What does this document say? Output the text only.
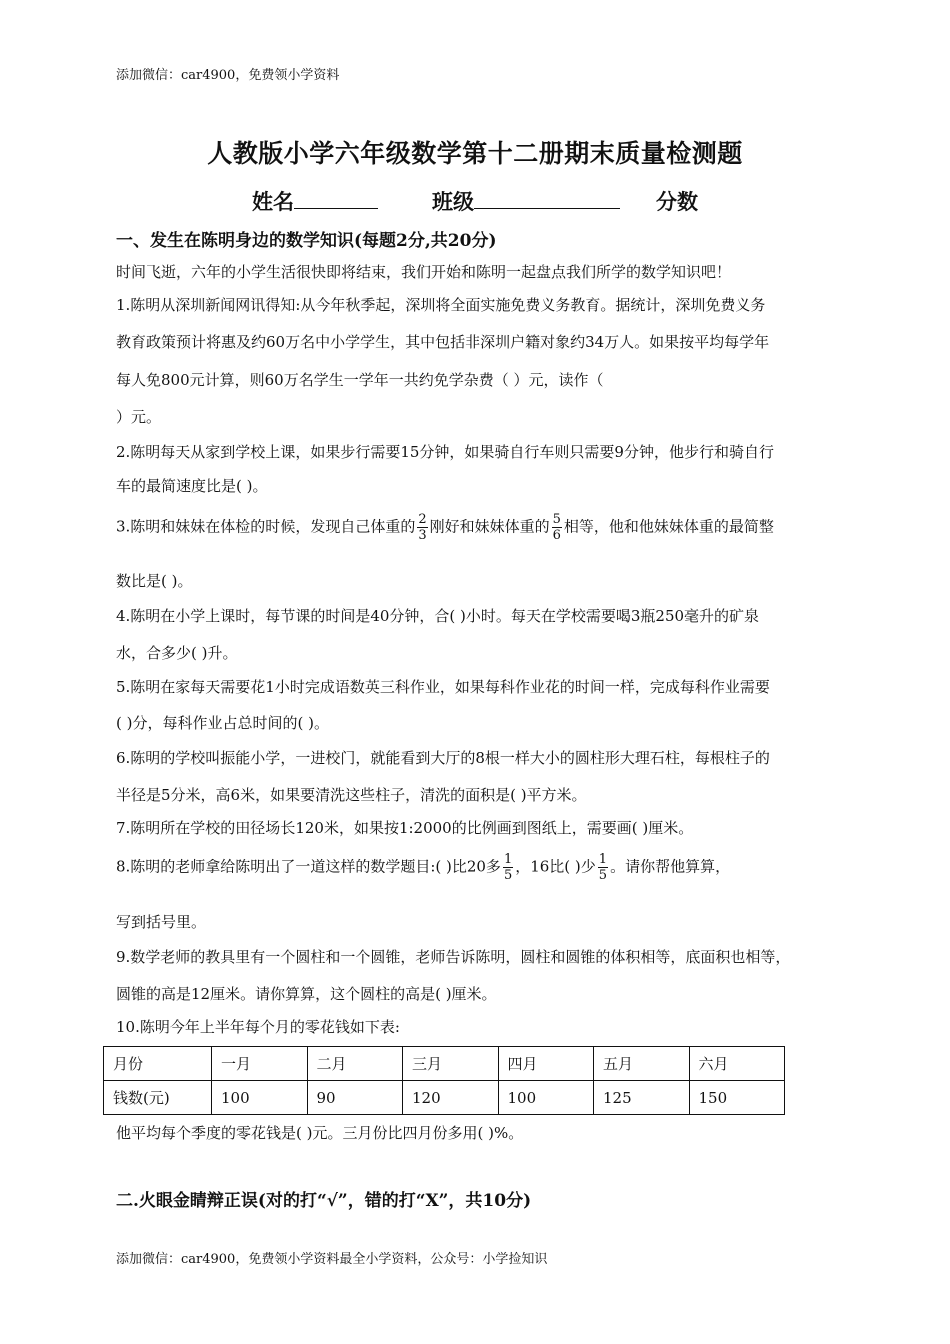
添加微信：car4900，免费领小学资料
人教版小学六年级数学第十二册期末质量检测题
姓名	班级	分数
一、发生在陈明身边的数学知识(每题2分,共20分)
时间飞逝，六年的小学生活很快即将结束，我们开始和陈明一起盘点我们所学的数学知识吧！
1.陈明从深圳新闻网讯得知:从今年秋季起，深圳将全面实施免费义务教育。据统计，深圳免费义务
教育政策预计将惠及约60万名中小学学生，其中包括非深圳户籍对象约34万人。如果按平均每学年
每人免800元计算，则60万名学生一学年一共约免学杂费（ ）元，读作（
）元。
2.陈明每天从家到学校上课，如果步行需要15分钟，如果骑自行车则只需要9分钟，他步行和骑自行
车的最简速度比是( )。
3.陈明和妹妹在体检的时候，发现自己体重的 $\frac{2}{3}$ 刚好和妹妹体重的 $\frac{5}{6}$ 相等，他和他妹妹体重的最简整
数比是( )。
4.陈明在小学上课时，每节课的时间是40分钟，合( )小时。每天在学校需要喝3瓶250毫升的矿泉
水，合多少( )升。
5.陈明在家每天需要花1小时完成语数英三科作业，如果每科作业花的时间一样，完成每科作业需要
( )分，每科作业占总时间的( )。
6.陈明的学校叫振能小学，一进校门，就能看到大厅的8根一样大小的圆柱形大理石柱，每根柱子的
半径是5分米，高6米，如果要清洗这些柱子，清洗的面积是( )平方米。
7.陈明所在学校的田径场长120米，如果按1:2000的比例画到图纸上，需要画( )厘米。
8.陈明的老师拿给陈明出了一道这样的数学题目:( )比20多 $\frac{1}{5}$ ，16比( )少 $\frac{1}{5}$ 。请你帮他算算，
写到括号里。
9.数学老师的教具里有一个圆柱和一个圆锥，老师告诉陈明，圆柱和圆锥的体积相等，底面积也相等，
圆锥的高是12厘米。请你算算，这个圆柱的高是( )厘米。
10.陈明今年上半年每个月的零花钱如下表:
月份	一月	二月	三月	四月	五月	六月
钱数(元)	100	90	120	100	125	150
他平均每个季度的零花钱是( )元。三月份比四月份多用( )%。
二.火眼金睛辩正误(对的打“√”，错的打“X”，共10分)
添加微信：car4900，免费领小学资料最全小学资料，公众号：小学捡知识
